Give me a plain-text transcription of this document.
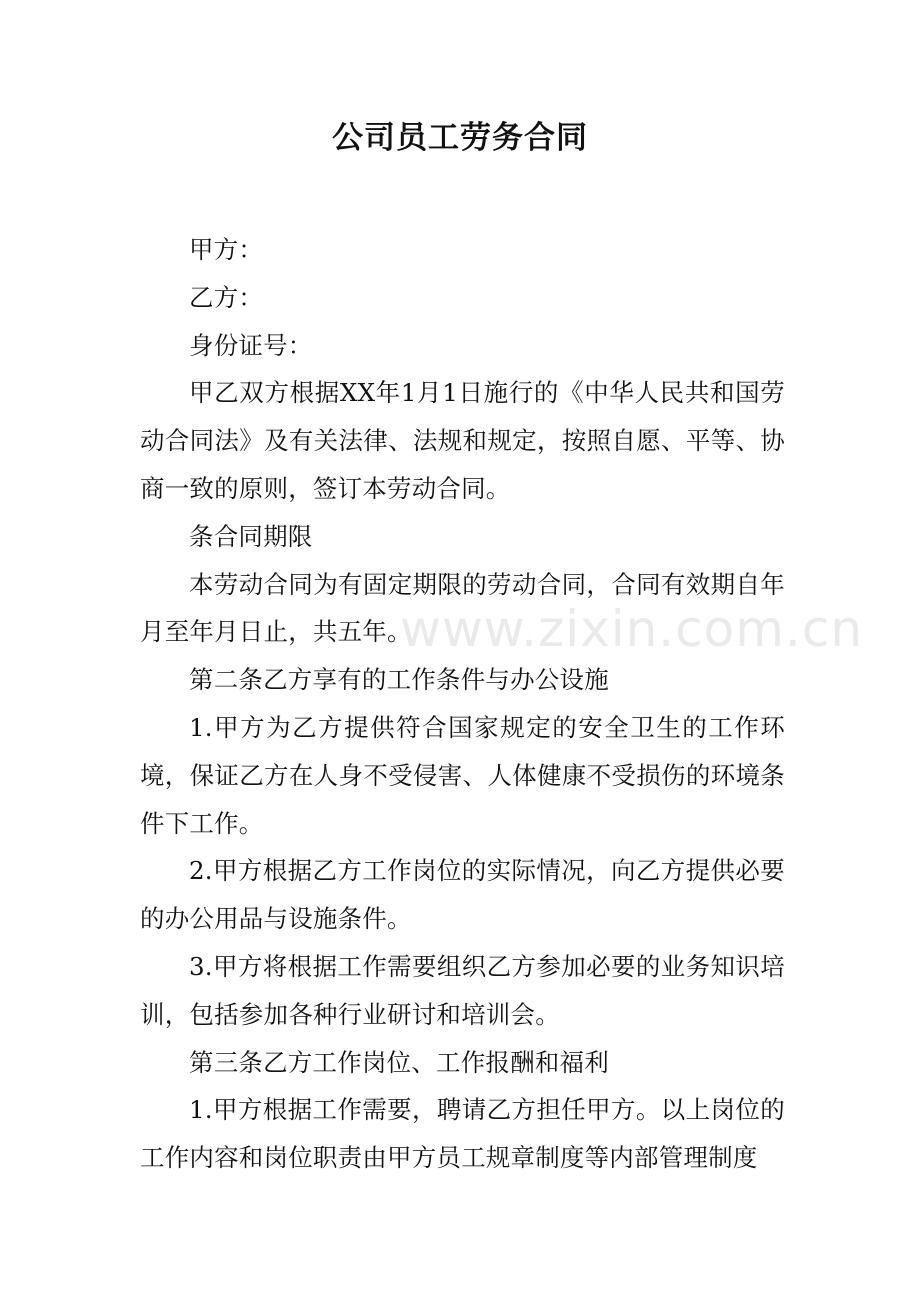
公司员工劳务合同

甲方：

乙方：

身份证号：

甲乙双方根据XX年1月1日施行的《中华人民共和国劳动合同法》及有关法律、法规和规定，按照自愿、平等、协商一致的原则，签订本劳动合同。

条合同期限

本劳动合同为有固定期限的劳动合同，合同有效期自年月至年月日止，共五年。

第二条乙方享有的工作条件与办公设施

1.甲方为乙方提供符合国家规定的安全卫生的工作环境，保证乙方在人身不受侵害、人体健康不受损伤的环境条件下工作。

2.甲方根据乙方工作岗位的实际情况，向乙方提供必要的办公用品与设施条件。

3.甲方将根据工作需要组织乙方参加必要的业务知识培训，包括参加各种行业研讨和培训会。

第三条乙方工作岗位、工作报酬和福利

1.甲方根据工作需要，聘请乙方担任甲方。以上岗位的工作内容和岗位职责由甲方员工规章制度等内部管理制度

www.zixin.com.cn
